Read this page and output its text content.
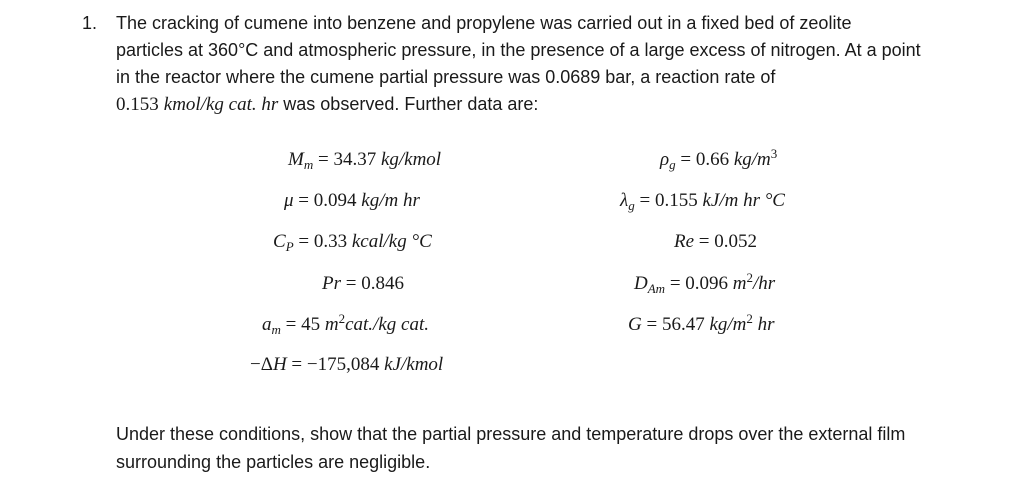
1. The cracking of cumene into benzene and propylene was carried out in a fixed bed of zeolite
particles at 360°C and atmospheric pressure, in the presence of a large excess of nitrogen. At a point
in the reactor where the cumene partial pressure was 0.0689 bar, a reaction rate of
0.153 kmol/kg cat. hr was observed. Further data are:
$M_m = 34.37$ kg/kmol
μ = 0.094 kg/m hr
$C_P = 0.33$ kcal/kg °C
Pr = 0.846
$a_m = 45$ $m^2cat./kg$ cat.
−ΔH = −175,084 kJ/kmol
$\rho_g = 0.66$ $kg/m^3$
$\lambda_g = 0.155$ kJ/m hr °C
Re = 0.052
$D_{Am} = 0.096$ $m^2/hr$
G = 56.47 $kg/m^2$ hr
Under these conditions, show that the partial pressure and temperature drops over the external film
surrounding the particles are negligible.
